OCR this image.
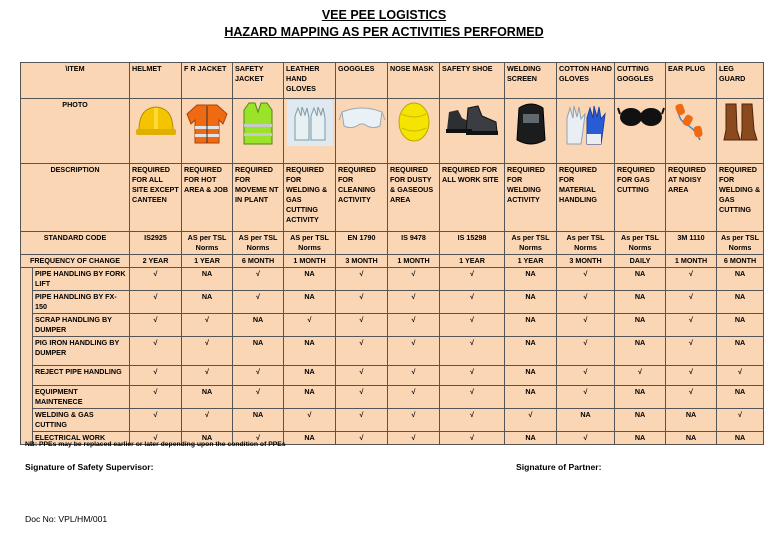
VEE PEE LOGISTICS
HAZARD MAPPING AS PER ACTIVITIES PERFORMED
\ITEM		HELMET	F R JACKET	SAFETY JACKET	LEATHER HAND GLOVES	GOGGLES	NOSE MASK	SAFETY SHOE	WELDING SCREEN	COTTON HAND GLOVES	CUTTING GOGGLES	EAR PLUG	LEG GUARD
PHOTO	

DESCRIPTION		REQUIRED FOR ALL SITE EXCEPT CANTEEN	REQUIRED FOR HOT AREA & JOB	REQUIRED FOR MOVEME NT IN PLANT	REQUIRED FOR WELDING & GAS CUTTING ACTIVITY	REQUIRED FOR CLEANING ACTIVITY	REQUIRED FOR DUSTY & GASEOUS AREA	REQUIRED FOR ALL WORK SITE	REQUIRED FOR WELDING ACTIVITY	REQUIRED FOR MATERIAL HANDLING	REQUIRED FOR GAS CUTTING	REQUIRED AT NOISY AREA	REQUIRED FOR WELDING & GAS CUTTING
STANDARD CODE		IS2925	AS per TSL Norms	AS per TSL Norms	AS per TSL Norms	EN 1790	IS 9478	IS 15298	As per TSL Norms	As per TSL Norms	As per TSL Norms	3M 1110	As per TSL Norms
FREQUENCY OF CHANGE		2 YEAR	1 YEAR	6 MONTH	1 MONTH	3 MONTH	1 MONTH	1 YEAR	1 YEAR	3 MONTH	DAILY	1 MONTH	6 MONTH
	PIPE HANDLING BY FORK LIFT	√	NA	√	NA	√	√	√	NA	√	NA	√	NA
	PIPE HANDLING BY FX-150	√	NA	√	NA	√	√	√	NA	√	NA	√	NA
	SCRAP HANDLING BY DUMPER	√	√	NA	√	√	√	√	NA	√	NA	√	NA
	PIG IRON HANDLING BY DUMPER	√	√	NA	NA	√	√	√	NA	√	NA	√	NA
	REJECT PIPE HANDLING	√	√	√	NA	√	√	√	NA	√	√	√	√
	EQUIPMENT MAINTENECE	√	NA	√	NA	√	√	√	NA	√	NA	√	NA
	WELDING & GAS CUTTING	√	√	NA	√	√	√	√	√	NA	NA	NA	√
	ELECTRICAL WORK	√	NA	√	NA	√	√	√	NA	√	NA	NA	NA
NB: PPEs may be replaced earlier or later depending upon the condition of PPEs
Signature of Safety Supervisor:	Signature of Partner:
Doc No: VPL/HM/001
